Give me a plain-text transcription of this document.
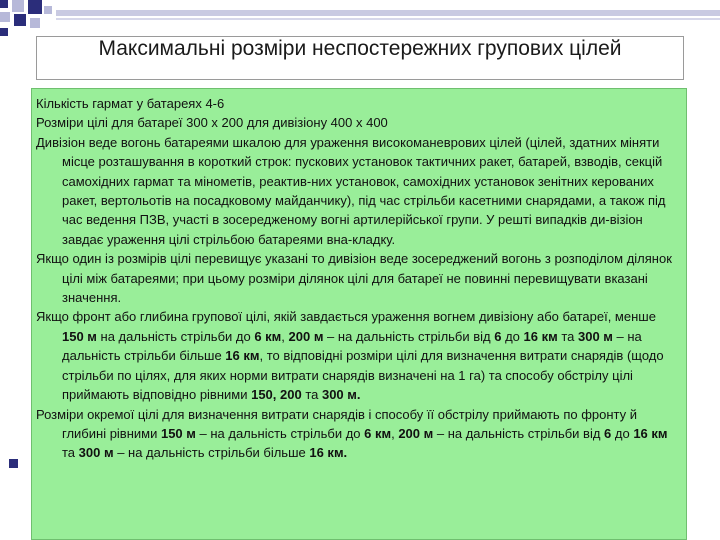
Максимальні розміри неспостережних групових цілей

Кількість гармат у батареях 4-6

Розміри цілі для батареї 300 х 200 для дивізіону 400 х 400

Дивізіон веде вогонь батареями шкалою для ураження високоманеврових цілей (цілей, здатних міняти місце розташування в короткий строк: пускових установок тактичних ракет, батарей, взводів, секцій самохідних гармат та мінометів, реактив-них установок, самохідних установок зенітних керованих ракет, вертольотів на посадковому майданчику), під час стрільби касетними снарядами, а також під час ведення ПЗВ, участі в зосередженому вогні артилерійської групи. У решті випадків ди-візіон завдає ураження цілі стрільбою батареями вна-кладку.

Якщо один із розмірів цілі перевищує указані то дивізіон веде зосереджений вогонь з розподілом ділянок цілі між батареями; при цьому розміри ділянок цілі для батареї не повинні перевищувати вказані значення.

Якщо фронт або глибина групової цілі, якій завдається ураження вогнем дивізіону або батареї, менше 150 м на дальність стрільби до 6 км, 200 м – на дальність стрільби від 6 до 16 км та 300 м – на дальність стрільби більше 16 км, то відповідні розміри цілі для визначення витрати снарядів (щодо стрільби по цілях, для яких норми витрати снарядів визначені на 1 га) та способу обстрілу цілі приймають відповідно рівними 150, 200 та 300 м.

Розміри окремої цілі для визначення витрати снарядів і способу її обстрілу приймають по фронту й глибині рівними 150 м – на дальність стрільби до 6 км, 200 м – на дальність стрільби від 6 до 16 км та 300 м – на дальність стрільби більше 16 км.
